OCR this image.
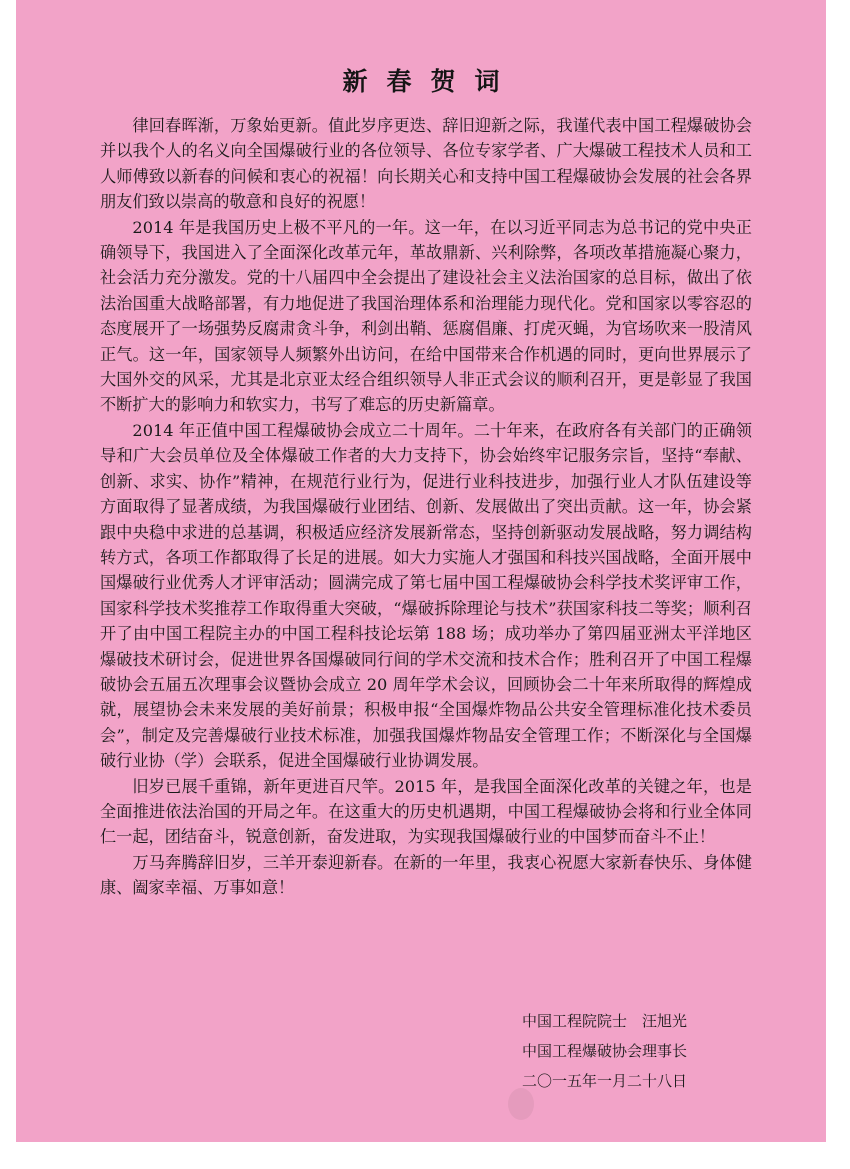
新春贺词

律回春晖渐，万象始更新。值此岁序更迭、辞旧迎新之际，我谨代表中国工程爆破协会并以我个人的名义向全国爆破行业的各位领导、各位专家学者、广大爆破工程技术人员和工人师傅致以新春的问候和衷心的祝福！向长期关心和支持中国工程爆破协会发展的社会各界朋友们致以崇高的敬意和良好的祝愿！

2014 年是我国历史上极不平凡的一年。这一年，在以习近平同志为总书记的党中央正确领导下，我国进入了全面深化改革元年，革故鼎新、兴利除弊，各项改革措施凝心聚力，社会活力充分激发。党的十八届四中全会提出了建设社会主义法治国家的总目标，做出了依法治国重大战略部署，有力地促进了我国治理体系和治理能力现代化。党和国家以零容忍的态度展开了一场强势反腐肃贪斗争，利剑出鞘、惩腐倡廉、打虎灭蝇，为官场吹来一股清风正气。这一年，国家领导人频繁外出访问，在给中国带来合作机遇的同时，更向世界展示了大国外交的风采，尤其是北京亚太经合组织领导人非正式会议的顺利召开，更是彰显了我国不断扩大的影响力和软实力，书写了难忘的历史新篇章。

2014 年正值中国工程爆破协会成立二十周年。二十年来，在政府各有关部门的正确领导和广大会员单位及全体爆破工作者的大力支持下，协会始终牢记服务宗旨，坚持“奉献、创新、求实、协作”精神，在规范行业行为，促进行业科技进步，加强行业人才队伍建设等方面取得了显著成绩，为我国爆破行业团结、创新、发展做出了突出贡献。这一年，协会紧跟中央稳中求进的总基调，积极适应经济发展新常态，坚持创新驱动发展战略，努力调结构转方式，各项工作都取得了长足的进展。如大力实施人才强国和科技兴国战略，全面开展中国爆破行业优秀人才评审活动；圆满完成了第七届中国工程爆破协会科学技术奖评审工作，国家科学技术奖推荐工作取得重大突破，“爆破拆除理论与技术”获国家科技二等奖；顺利召开了由中国工程院主办的中国工程科技论坛第 188 场；成功举办了第四届亚洲太平洋地区爆破技术研讨会，促进世界各国爆破同行间的学术交流和技术合作；胜利召开了中国工程爆破协会五届五次理事会议暨协会成立 20 周年学术会议，回顾协会二十年来所取得的辉煌成就，展望协会未来发展的美好前景；积极申报“全国爆炸物品公共安全管理标准化技术委员会”，制定及完善爆破行业技术标准，加强我国爆炸物品安全管理工作；不断深化与全国爆破行业协（学）会联系，促进全国爆破行业协调发展。

旧岁已展千重锦，新年更进百尺竿。2015 年，是我国全面深化改革的关键之年，也是全面推进依法治国的开局之年。在这重大的历史机遇期，中国工程爆破协会将和行业全体同仁一起，团结奋斗，锐意创新，奋发进取，为实现我国爆破行业的中国梦而奋斗不止！

万马奔腾辞旧岁，三羊开泰迎新春。在新的一年里，我衷心祝愿大家新春快乐、身体健康、阖家幸福、万事如意！

中国工程院院士　汪旭光
中国工程爆破协会理事长
二〇一五年一月二十八日
